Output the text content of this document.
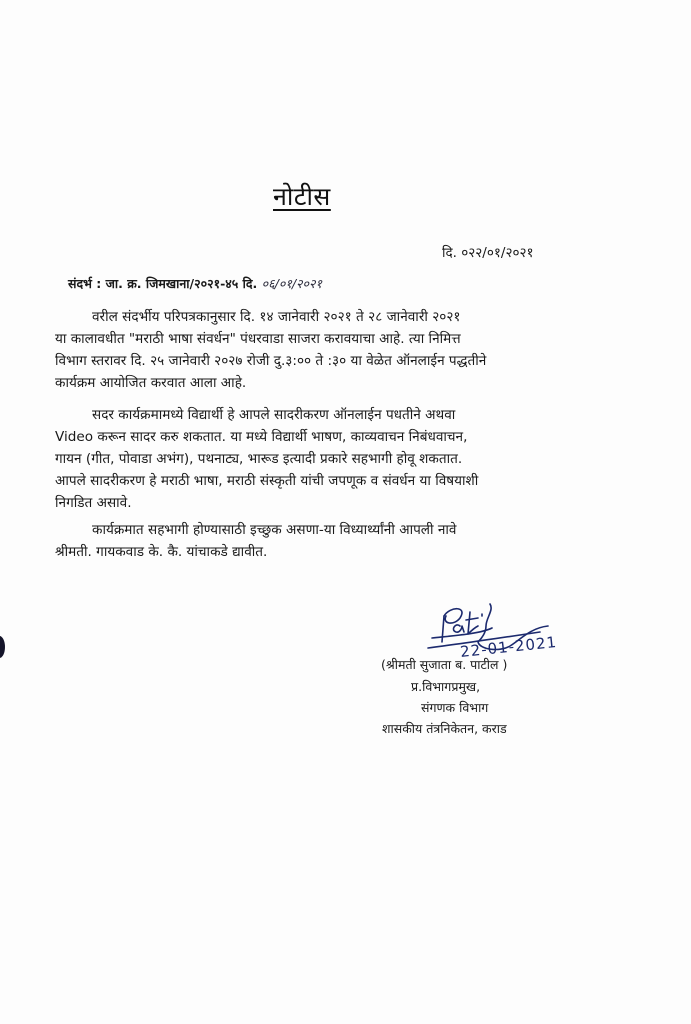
नोटीस
दि. ०२२/०१/२०२१
संदर्भ : जा. क्र. जिमखाना/२०२१-४५ दि. ०६/०१/२०२१

वरील संदर्भीय परिपत्रकानुसार दि. १४ जानेवारी २०२१ ते २८ जानेवारी २०२१
या कालावधीत "मराठी भाषा संवर्धन" पंधरवाडा साजरा करावयाचा आहे. त्या निमित्त
विभाग स्तरावर दि. २५ जानेवारी २०२७ रोजी दु.३:०० ते :३० या वेळेत ऑनलाईन पद्धतीने
कार्यक्रम आयोजित करवात आला आहे.

सदर कार्यक्रमामध्ये विद्यार्थी हे आपले सादरीकरण ऑनलाईन पधतीने अथवा
Video करून सादर करु शकतात. या मध्ये विद्यार्थी भाषण, काव्यवाचन निबंधवाचन,
गायन (गीत, पोवाडा अभंग), पथनाट्य, भारूड इत्यादी प्रकारे सहभागी होवू शकतात.
आपले सादरीकरण हे मराठी भाषा, मराठी संस्कृती यांची जपणूक व संवर्धन या विषयाशी
निगडित असावे.

कार्यक्रमात सहभागी होण्यासाठी इच्छुक असणा-या विध्यार्थ्यांनी आपली नावे
श्रीमती. गायकवाड के. कै. यांचाकडे द्यावीत.

22-01-2021
(श्रीमती सुजाता ब. पाटील )
प्र.विभागप्रमुख,
संगणक विभाग
शासकीय तंत्रनिकेतन, कराड
